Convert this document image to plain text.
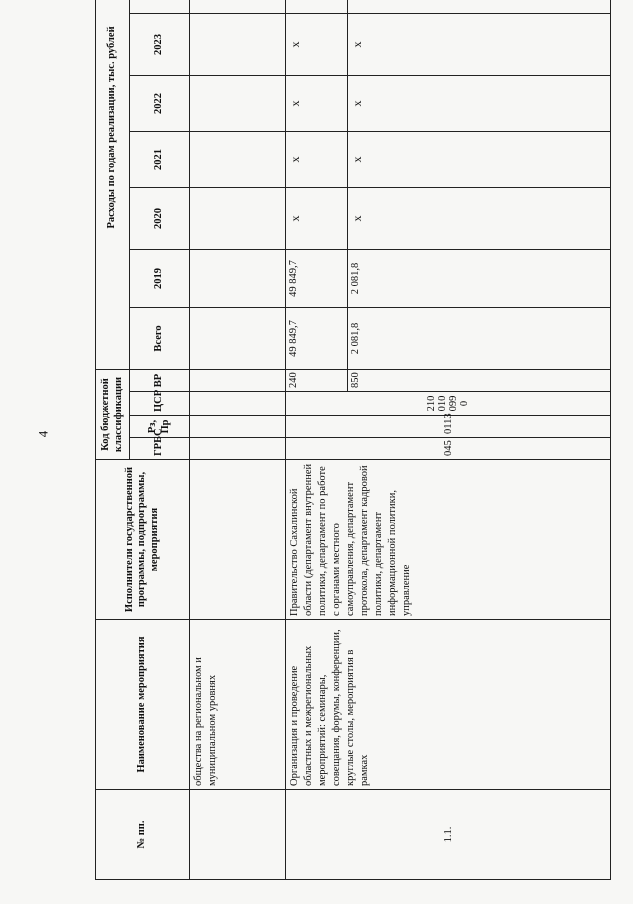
4
№ пп.	Наименование мероприятия	Исполнители государственной программы, подпрограммы, мероприятия	Код бюджетной классификации				Расходы по годам реализации, тыс. рублей							
			ГРБС	Рз, Пр	ЦСР	ВР	Всего	2019	2020	2021	2022	2023		
	общества на региональном и муниципальном уровнях													
1.1.	Организация и проведение областных и межрегиональных мероприятий: семинары, совещания, форумы, конференции, круглые столы, мероприятия в рамках	Правительство Сахалинской области (департамент внутренней политики, департамент по работе с органами местного самоуправления, департамент протокола, департамент кадровой политики, департамент информационной политики, управление	045	0113	2100100990	240	49 849,7	49 849,7	x	x	x	x		
						850	2 081,8	2 081,8	x	x	x	x		
